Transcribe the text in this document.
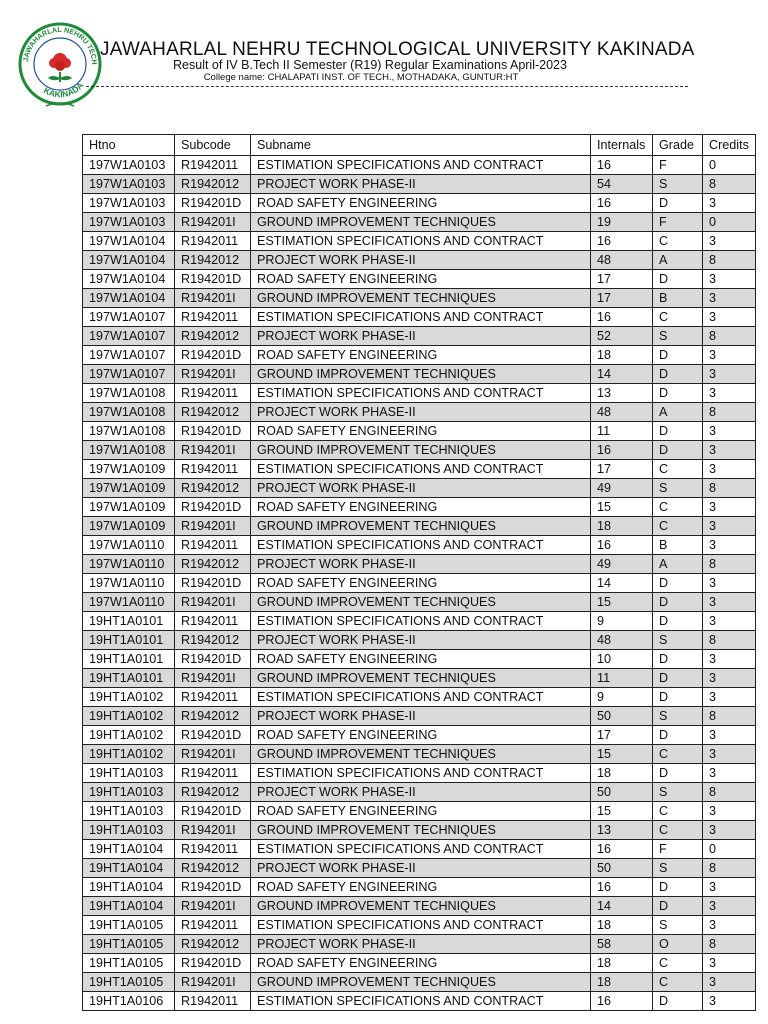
JAWAHARLAL NEHRU TECH
KAKINADA
JAWAHARLAL NEHRU TECHNOLOGICAL UNIVERSITY KAKINADA
Result of IV B.Tech II Semester (R19) Regular Examinations April-2023
College name: CHALAPATI INST. OF TECH., MOTHADAKA, GUNTUR:HT
Htno	Subcode	Subname	Internals	Grade	Credits
197W1A0103	R1942011	ESTIMATION SPECIFICATIONS AND CONTRACT	16	F	0
197W1A0103	R1942012	PROJECT WORK PHASE-II	54	S	8
197W1A0103	R194201D	ROAD SAFETY ENGINEERING	16	D	3
197W1A0103	R194201I	GROUND IMPROVEMENT TECHNIQUES	19	F	0
197W1A0104	R1942011	ESTIMATION SPECIFICATIONS AND CONTRACT	16	C	3
197W1A0104	R1942012	PROJECT WORK PHASE-II	48	A	8
197W1A0104	R194201D	ROAD SAFETY ENGINEERING	17	D	3
197W1A0104	R194201I	GROUND IMPROVEMENT TECHNIQUES	17	B	3
197W1A0107	R1942011	ESTIMATION SPECIFICATIONS AND CONTRACT	16	C	3
197W1A0107	R1942012	PROJECT WORK PHASE-II	52	S	8
197W1A0107	R194201D	ROAD SAFETY ENGINEERING	18	D	3
197W1A0107	R194201I	GROUND IMPROVEMENT TECHNIQUES	14	D	3
197W1A0108	R1942011	ESTIMATION SPECIFICATIONS AND CONTRACT	13	D	3
197W1A0108	R1942012	PROJECT WORK PHASE-II	48	A	8
197W1A0108	R194201D	ROAD SAFETY ENGINEERING	11	D	3
197W1A0108	R194201I	GROUND IMPROVEMENT TECHNIQUES	16	D	3
197W1A0109	R1942011	ESTIMATION SPECIFICATIONS AND CONTRACT	17	C	3
197W1A0109	R1942012	PROJECT WORK PHASE-II	49	S	8
197W1A0109	R194201D	ROAD SAFETY ENGINEERING	15	C	3
197W1A0109	R194201I	GROUND IMPROVEMENT TECHNIQUES	18	C	3
197W1A0110	R1942011	ESTIMATION SPECIFICATIONS AND CONTRACT	16	B	3
197W1A0110	R1942012	PROJECT WORK PHASE-II	49	A	8
197W1A0110	R194201D	ROAD SAFETY ENGINEERING	14	D	3
197W1A0110	R194201I	GROUND IMPROVEMENT TECHNIQUES	15	D	3
19HT1A0101	R1942011	ESTIMATION SPECIFICATIONS AND CONTRACT	9	D	3
19HT1A0101	R1942012	PROJECT WORK PHASE-II	48	S	8
19HT1A0101	R194201D	ROAD SAFETY ENGINEERING	10	D	3
19HT1A0101	R194201I	GROUND IMPROVEMENT TECHNIQUES	11	D	3
19HT1A0102	R1942011	ESTIMATION SPECIFICATIONS AND CONTRACT	9	D	3
19HT1A0102	R1942012	PROJECT WORK PHASE-II	50	S	8
19HT1A0102	R194201D	ROAD SAFETY ENGINEERING	17	D	3
19HT1A0102	R194201I	GROUND IMPROVEMENT TECHNIQUES	15	C	3
19HT1A0103	R1942011	ESTIMATION SPECIFICATIONS AND CONTRACT	18	D	3
19HT1A0103	R1942012	PROJECT WORK PHASE-II	50	S	8
19HT1A0103	R194201D	ROAD SAFETY ENGINEERING	15	C	3
19HT1A0103	R194201I	GROUND IMPROVEMENT TECHNIQUES	13	C	3
19HT1A0104	R1942011	ESTIMATION SPECIFICATIONS AND CONTRACT	16	F	0
19HT1A0104	R1942012	PROJECT WORK PHASE-II	50	S	8
19HT1A0104	R194201D	ROAD SAFETY ENGINEERING	16	D	3
19HT1A0104	R194201I	GROUND IMPROVEMENT TECHNIQUES	14	D	3
19HT1A0105	R1942011	ESTIMATION SPECIFICATIONS AND CONTRACT	18	S	3
19HT1A0105	R1942012	PROJECT WORK PHASE-II	58	O	8
19HT1A0105	R194201D	ROAD SAFETY ENGINEERING	18	C	3
19HT1A0105	R194201I	GROUND IMPROVEMENT TECHNIQUES	18	C	3
19HT1A0106	R1942011	ESTIMATION SPECIFICATIONS AND CONTRACT	16	D	3
